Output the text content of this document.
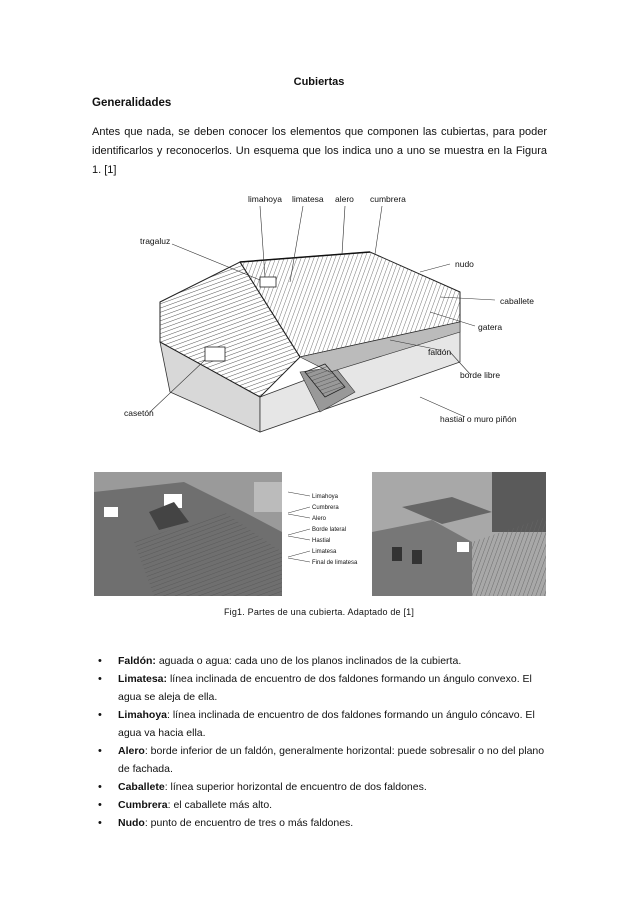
Cubiertas
Generalidades
Antes que nada, se deben conocer los elementos que componen las cubiertas, para poder identificarlos y reconocerlos. Un esquema que los indica uno a uno se muestra en la Figura 1. [1]
limahoya limatesa alero cumbrera
tragaluz
nudo
caballete
gatera
faldón
borde libre
casetón
hastial o muro piñón
Limahoya
Cumbrera
Alero
Borde lateral
Hastial
Limatesa
Final de limatesa
Fig1. Partes de una cubierta. Adaptado de [1]
• Faldón: aguada o agua: cada uno de los planos inclinados de la cubierta.
• Limatesa: línea inclinada de encuentro de dos faldones formando un ángulo convexo. El agua se aleja de ella.
• Limahoya: línea inclinada de encuentro de dos faldones formando un ángulo cóncavo. El agua va hacia ella.
• Alero: borde inferior de un faldón, generalmente horizontal: puede sobresalir o no del plano de fachada.
• Caballete: línea superior horizontal de encuentro de dos faldones.
• Cumbrera: el caballete más alto.
• Nudo: punto de encuentro de tres o más faldones.
